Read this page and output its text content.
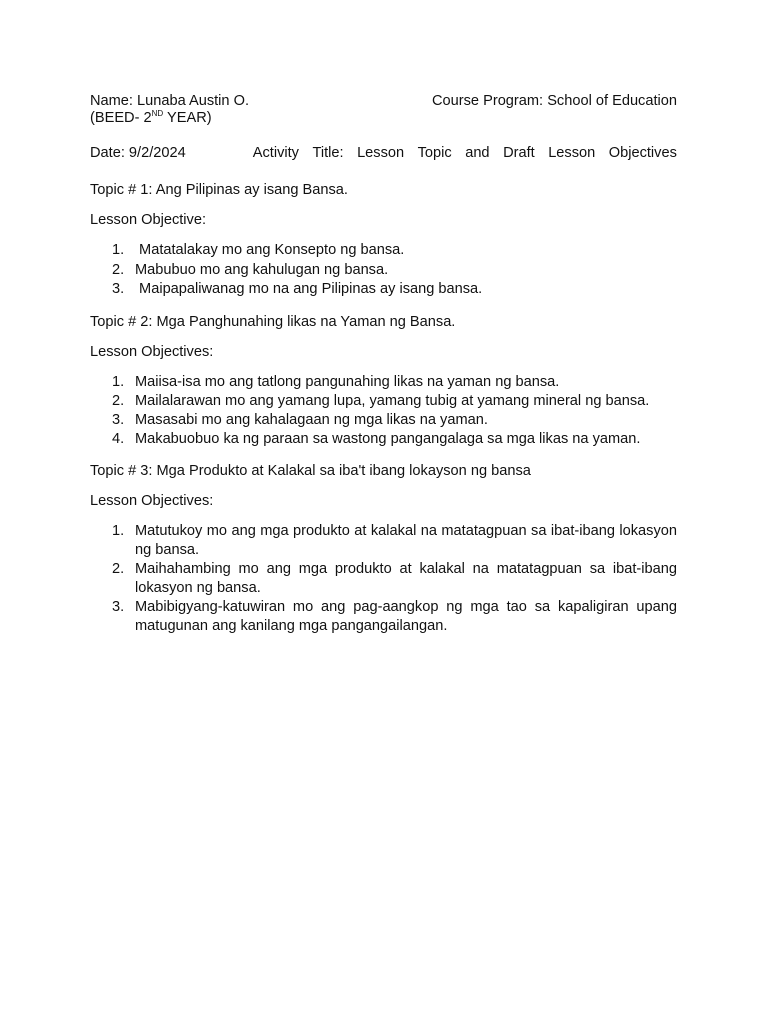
Name: Lunaba Austin O.	Course Program:
School of Education
(BEED- 2ND YEAR)
Date: 9/2/2024	Activity Title: Lesson Topic and Draft Lesson Objectives

Topic # 1: Ang Pilipinas ay isang Bansa.

Lesson Objective:

1. Matatalakay mo ang Konsepto ng bansa.
2. Mabubuo mo ang kahulugan ng bansa.
3. Maipapaliwanag mo na ang Pilipinas ay isang bansa.

Topic # 2: Mga Panghunahing likas na Yaman ng Bansa.

Lesson Objectives:

1. Maiisa-isa mo ang tatlong pangunahing likas na yaman ng bansa.
2. Mailalarawan mo ang yamang lupa, yamang tubig at yamang mineral ng bansa.
3. Masasabi mo ang kahalagaan ng mga likas na yaman.
4. Makabuobuo ka ng paraan sa wastong pangangalaga sa mga likas na yaman.

Topic # 3: Mga Produkto at Kalakal sa iba't ibang lokayson ng bansa

Lesson Objectives:

1. Matutukoy mo ang mga produkto at kalakal na matatagpuan sa ibat-ibang lokasyon ng bansa.
2. Maihahambing mo ang mga produkto at kalakal na matatagpuan sa ibat-ibang lokasyon ng bansa.
3. Mabibigyang-katuwiran mo ang pag-aangkop ng mga tao sa kapaligiran upang matugunan ang kanilang mga pangangailangan.
